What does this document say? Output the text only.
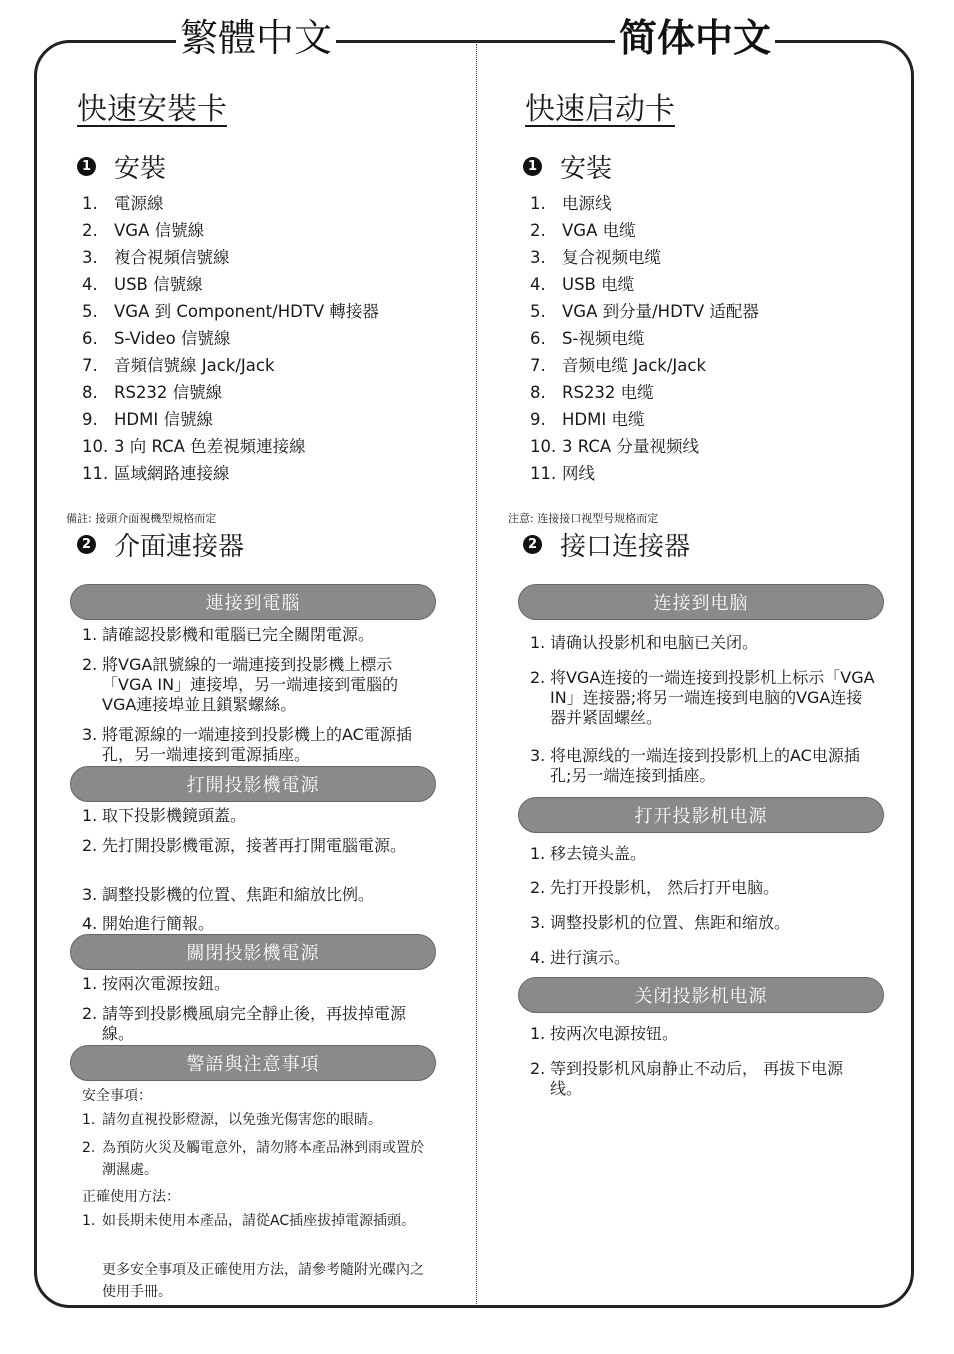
繁體中文	简体中文
快速安裝卡
1 安裝
1. 電源線
2. VGA 信號線
3. 複合視頻信號線
4. USB 信號線
5. VGA 到 Component/HDTV 轉接器
6. S-Video 信號線
7. 音頻信號線 Jack/Jack
8. RS232 信號線
9. HDMI 信號線
10. 3 向 RCA 色差視頻連接線
11. 區域網路連接線
備註: 接頭介面視機型規格而定
2 介面連接器
連接到電腦
1. 請確認投影機和電腦已完全關閉電源。
2. 將VGA訊號線的一端連接到投影機上標示「VGA IN」連接埠，另一端連接到電腦的VGA連接埠並且鎖緊螺絲。
3. 將電源線的一端連接到投影機上的AC電源插孔，另一端連接到電源插座。
打開投影機電源
1. 取下投影機鏡頭蓋。
2. 先打開投影機電源，接著再打開電腦電源。
3. 調整投影機的位置、焦距和縮放比例。
4. 開始進行簡報。
關閉投影機電源
1. 按兩次電源按鈕。
2. 請等到投影機風扇完全靜止後，再拔掉電源線。
警語與注意事項
安全事項：
1. 請勿直視投影燈源，以免強光傷害您的眼睛。
2. 為預防火災及觸電意外，請勿將本產品淋到雨或置於潮濕處。
正確使用方法：
1. 如長期未使用本產品，請從AC插座拔掉電源插頭。
更多安全事項及正確使用方法，請參考隨附光碟內之使用手冊。
快速启动卡
1 安装
1. 电源线
2. VGA 电缆
3. 复合视频电缆
4. USB 电缆
5. VGA 到分量/HDTV 适配器
6. S-视频电缆
7. 音频电缆 Jack/Jack
8. RS232 电缆
9. HDMI 电缆
10. 3 RCA 分量视频线
11. 网线
注意: 连接接口视型号规格而定
2 接口连接器
连接到电脑
1. 请确认投影机和电脑已关闭。
2. 将VGA连接的一端连接到投影机上标示「VGA IN」连接器;将另一端连接到电脑的VGA连接器并紧固螺丝。
3. 将电源线的一端连接到投影机上的AC电源插孔;另一端连接到插座。
打开投影机电源
1. 移去镜头盖。
2. 先打开投影机， 然后打开电脑。
3. 调整投影机的位置、焦距和缩放。
4. 进行演示。
关闭投影机电源
1. 按两次电源按钮。
2. 等到投影机风扇静止不动后， 再拔下电源线。
